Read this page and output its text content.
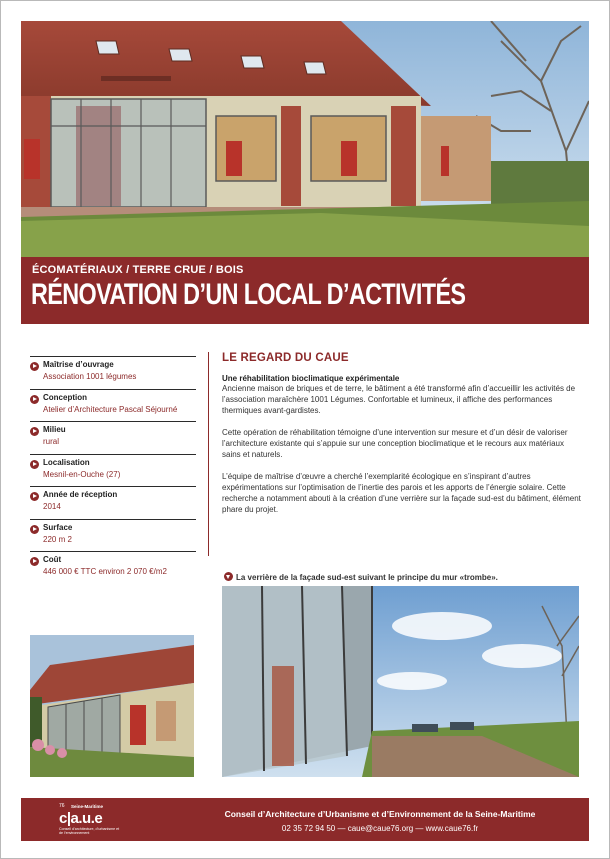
ÉCOMATÉRIAUX / TERRE CRUE / BOIS
RÉNOVATION D’UN LOCAL D’ACTIVITÉS
Maîtrise d’ouvrage
Association 1001 légumes
Conception
Atelier d’Architecture Pascal Séjourné
Milieu
rural
Localisation
Mesnil-en-Ouche (27)
Année de réception
2014
Surface
220 m 2
Coût
446 000 € TTC environ 2 070 €/m2
LE REGARD DU CAUE
Une réhabilitation bioclimatique expérimentale

Ancienne maison de briques et de terre, le bâtiment a été transformé afin d’accueillir les activités de l’association maraîchère 1001 Légumes. Confortable et lumineux, il affiche des performances thermiques avant-gardistes.

Cette opération de réhabilitation témoigne d’une intervention sur mesure et d’un désir de valoriser l’architecture existante qui s’appuie sur une conception bioclimatique et le recours aux matériaux sains et naturels.

L’équipe de maîtrise d’œuvre a cherché l’exemplarité écologique en s’inspirant d’autres expérimentations sur l’optimisation de l’inertie des parois et les apports de l’énergie solaire. Cette recherche a notamment abouti à la création d’une verrière sur la façade sud-est du bâtiment, élément phare du projet.

La verrière de la façade sud-est suivant le principe du mur «trombe».
76 Seine-Maritime
c|a.u.e
Conseil d’architecture, d’urbanisme et de l’environnement
Conseil d’Architecture d’Urbanisme et d’Environnement de la Seine-Maritime
02 35 72 94 50 — caue@caue76.org — www.caue76.fr
